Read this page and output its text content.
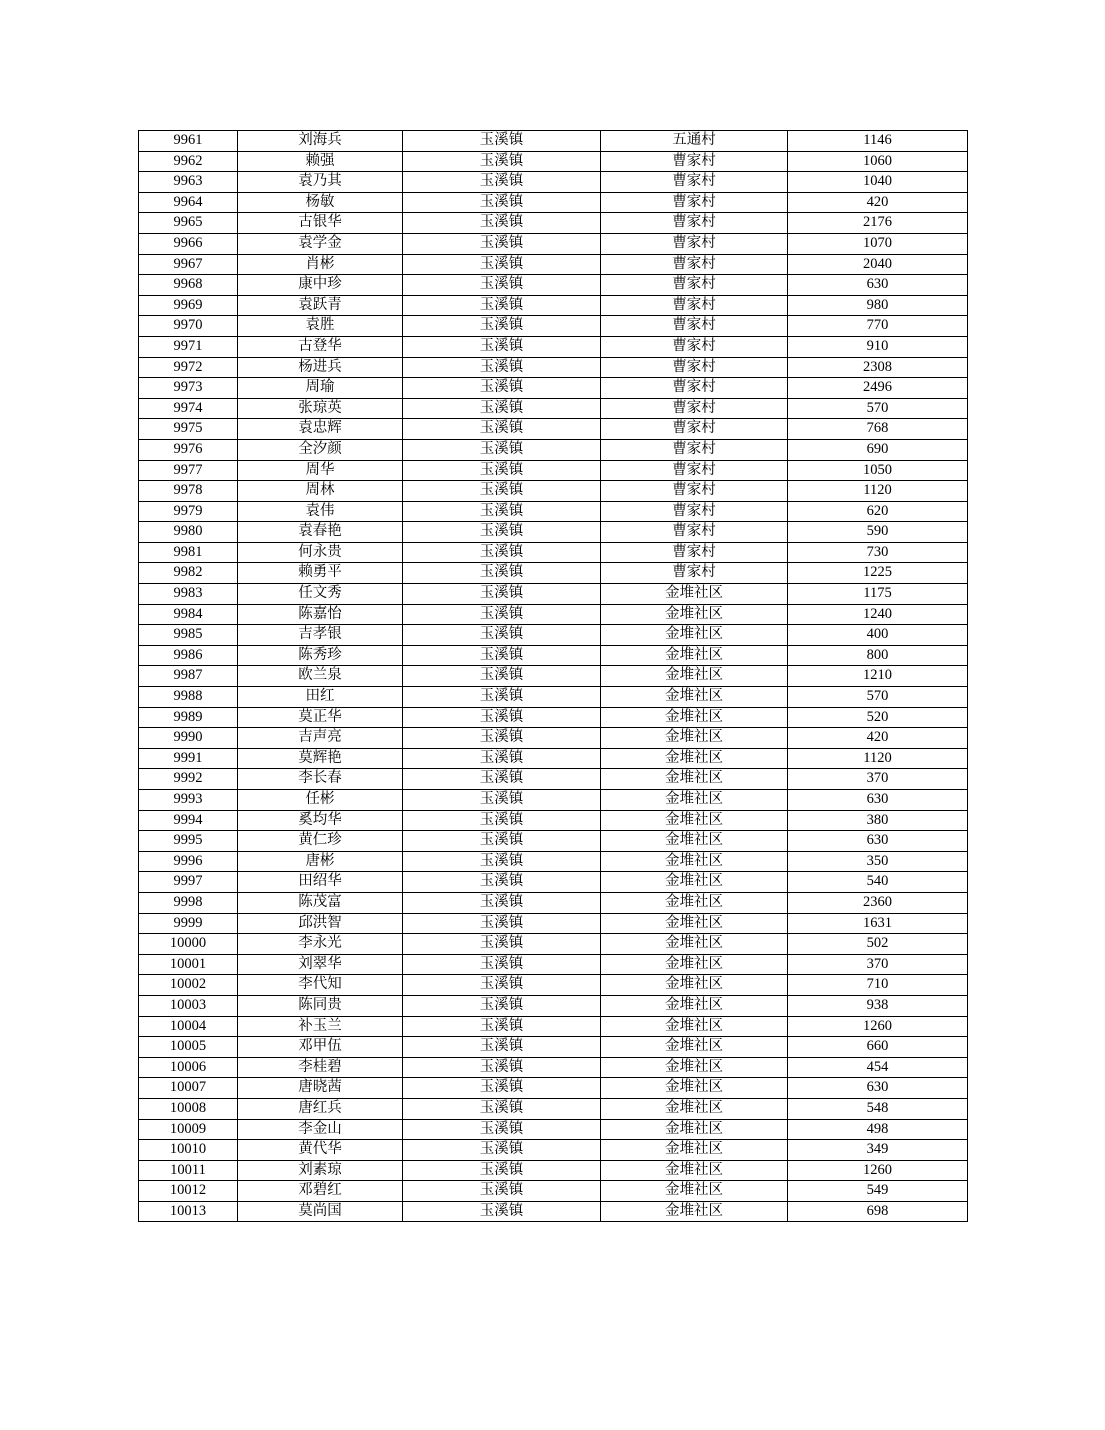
9961	刘海兵	玉溪镇	五通村	1146
9962	赖强	玉溪镇	曹家村	1060
9963	袁乃其	玉溪镇	曹家村	1040
9964	杨敏	玉溪镇	曹家村	420
9965	古银华	玉溪镇	曹家村	2176
9966	袁学金	玉溪镇	曹家村	1070
9967	肖彬	玉溪镇	曹家村	2040
9968	康中珍	玉溪镇	曹家村	630
9969	袁跃青	玉溪镇	曹家村	980
9970	袁胜	玉溪镇	曹家村	770
9971	古登华	玉溪镇	曹家村	910
9972	杨进兵	玉溪镇	曹家村	2308
9973	周瑜	玉溪镇	曹家村	2496
9974	张琼英	玉溪镇	曹家村	570
9975	袁忠辉	玉溪镇	曹家村	768
9976	全汐颜	玉溪镇	曹家村	690
9977	周华	玉溪镇	曹家村	1050
9978	周林	玉溪镇	曹家村	1120
9979	袁伟	玉溪镇	曹家村	620
9980	袁春艳	玉溪镇	曹家村	590
9981	何永贵	玉溪镇	曹家村	730
9982	赖勇平	玉溪镇	曹家村	1225
9983	任文秀	玉溪镇	金堆社区	1175
9984	陈嘉怡	玉溪镇	金堆社区	1240
9985	吉孝银	玉溪镇	金堆社区	400
9986	陈秀珍	玉溪镇	金堆社区	800
9987	欧兰泉	玉溪镇	金堆社区	1210
9988	田红	玉溪镇	金堆社区	570
9989	莫正华	玉溪镇	金堆社区	520
9990	吉声亮	玉溪镇	金堆社区	420
9991	莫辉艳	玉溪镇	金堆社区	1120
9992	李长春	玉溪镇	金堆社区	370
9993	任彬	玉溪镇	金堆社区	630
9994	奚均华	玉溪镇	金堆社区	380
9995	黄仁珍	玉溪镇	金堆社区	630
9996	唐彬	玉溪镇	金堆社区	350
9997	田绍华	玉溪镇	金堆社区	540
9998	陈茂富	玉溪镇	金堆社区	2360
9999	邱洪智	玉溪镇	金堆社区	1631
10000	李永光	玉溪镇	金堆社区	502
10001	刘翠华	玉溪镇	金堆社区	370
10002	李代知	玉溪镇	金堆社区	710
10003	陈同贵	玉溪镇	金堆社区	938
10004	补玉兰	玉溪镇	金堆社区	1260
10005	邓甲伍	玉溪镇	金堆社区	660
10006	李桂碧	玉溪镇	金堆社区	454
10007	唐晓茜	玉溪镇	金堆社区	630
10008	唐红兵	玉溪镇	金堆社区	548
10009	李金山	玉溪镇	金堆社区	498
10010	黄代华	玉溪镇	金堆社区	349
10011	刘素琼	玉溪镇	金堆社区	1260
10012	邓碧红	玉溪镇	金堆社区	549
10013	莫尚国	玉溪镇	金堆社区	698
